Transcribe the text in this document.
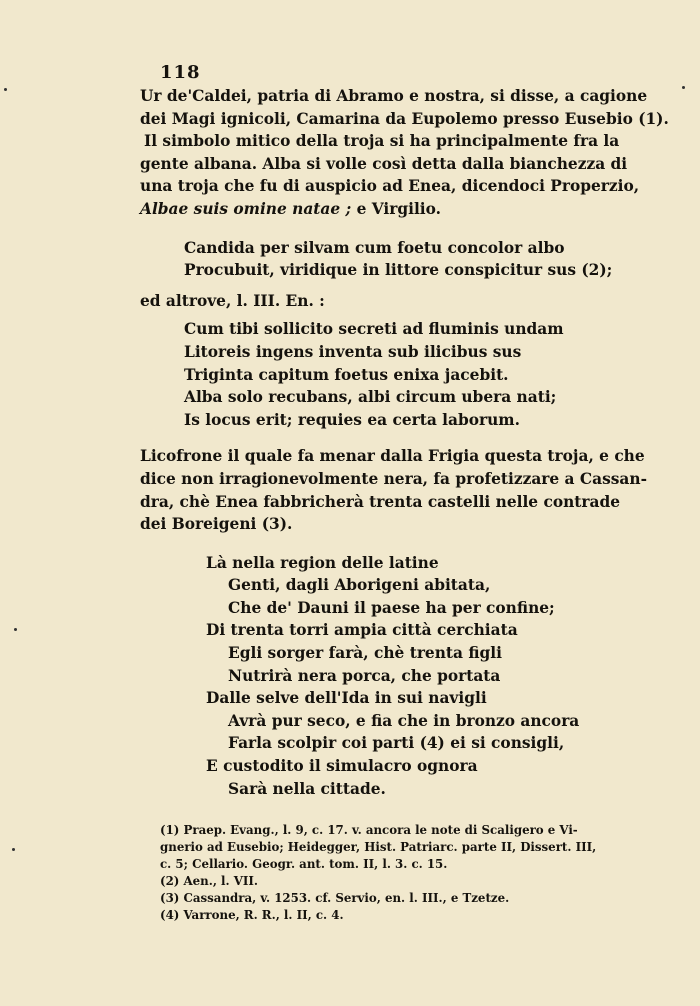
118

Ur de'Caldei, patria di Abramo e nostra, si disse, a cagione
dei Magi ignicoli, Camarina da Eupolemo presso Eusebio (1).
Il simbolo mitico della troja si ha principalmente fra la
gente albana. Alba si volle così detta dalla bianchezza di
una troja che fu di auspicio ad Enea, dicendoci Properzio,
Albae suis omine natae ; e Virgilio.

Candida per silvam cum foetu concolor albo
Procubuit, viridique in littore conspicitur sus (2);

ed altrove, l. III. En. :

Cum tibi sollicito secreti ad fluminis undam
Litoreis ingens inventa sub ilicibus sus
Triginta capitum foetus enixa jacebit.
Alba solo recubans, albi circum ubera nati;
Is locus erit; requies ea certa laborum.

Licofrone il quale fa menar dalla Frigia questa troja, e che
dice non irragionevolmente nera, fa profetizzare a Cassan-
dra, chè Enea fabbricherà trenta castelli nelle contrade
dei Boreigeni (3).

Là nella region delle latine
Genti, dagli Aborigeni abitata,
Che de' Dauni il paese ha per confine;
Di trenta torri ampia città cerchiata
Egli sorger farà, chè trenta figli
Nutrirà nera porca, che portata
Dalle selve dell'Ida in sui navigli
Avrà pur seco, e fia che in bronzo ancora
Farla scolpir coi parti (4) ei si consigli,
E custodito il simulacro ognora
Sarà nella cittade.
(1) Praep. Evang., l. 9, c. 17. v. ancora le note di Scaligero e Vi-
gnerio ad Eusebio; Heidegger, Hist. Patriarc. parte II, Dissert. III,
c. 5; Cellario. Geogr. ant. tom. II, l. 3. c. 15.
(2) Aen., l. VII.
(3) Cassandra, v. 1253. cf. Servio, en. l. III., e Tzetze.
(4) Varrone, R. R., l. II, c. 4.
